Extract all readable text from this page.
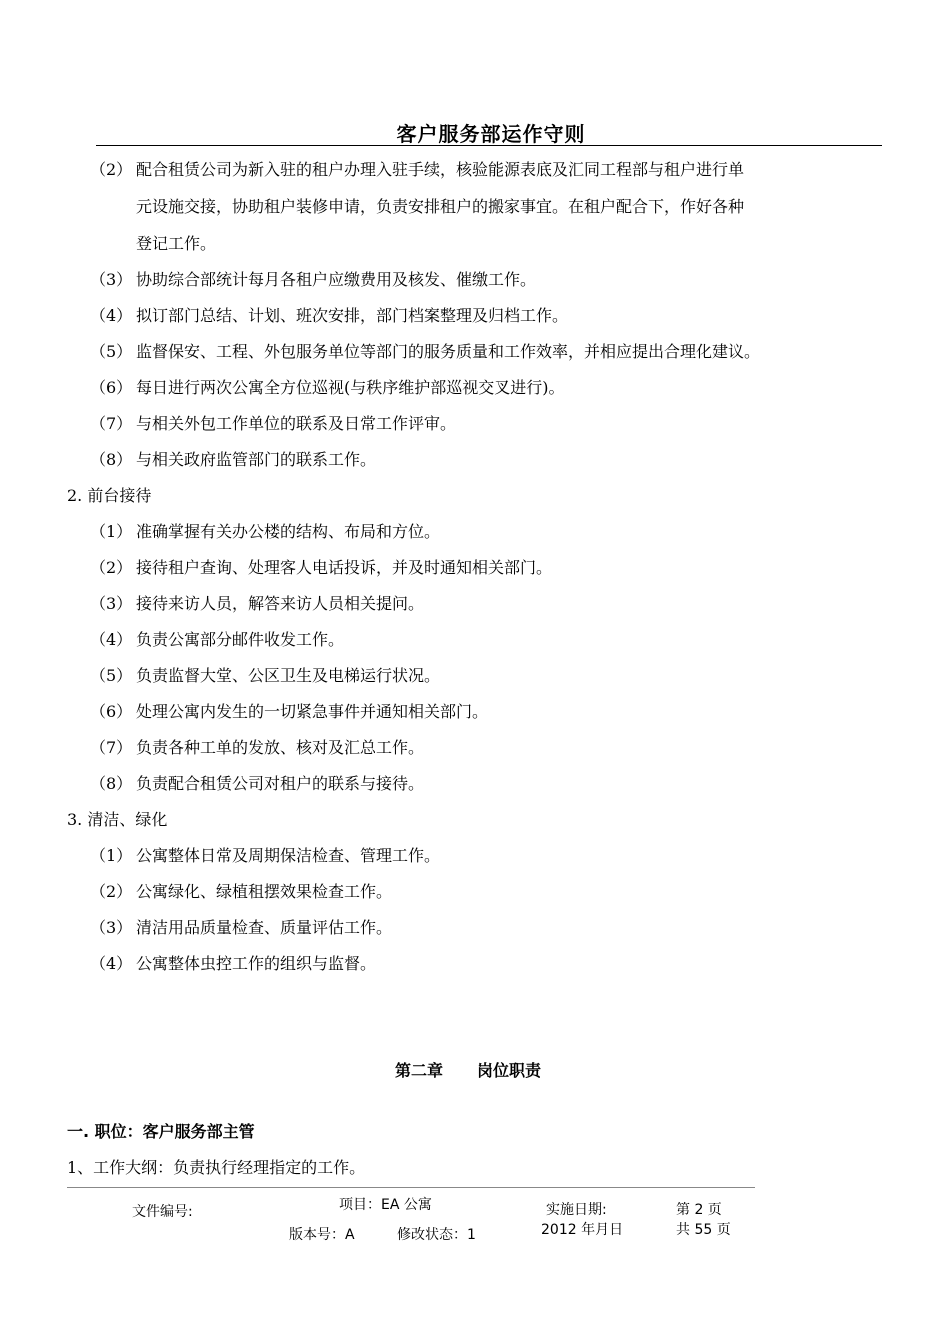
客户服务部运作守则
（2） 配合租赁公司为新入驻的租户办理入驻手续，核验能源表底及汇同工程部与租户进行单
元设施交接，协助租户装修申请，负责安排租户的搬家事宜。在租户配合下，作好各种
登记工作。
（3） 协助综合部统计每月各租户应缴费用及核发、催缴工作。
（4） 拟订部门总结、计划、班次安排，部门档案整理及归档工作。
（5） 监督保安、工程、外包服务单位等部门的服务质量和工作效率，并相应提出合理化建议。
（6） 每日进行两次公寓全方位巡视(与秩序维护部巡视交叉进行)。
（7） 与相关外包工作单位的联系及日常工作评审。
（8） 与相关政府监管部门的联系工作。
2. 前台接待
（1） 准确掌握有关办公楼的结构、布局和方位。
（2） 接待租户查询、处理客人电话投诉，并及时通知相关部门。
（3） 接待来访人员，解答来访人员相关提问。
（4） 负责公寓部分邮件收发工作。
（5） 负责监督大堂、公区卫生及电梯运行状况。
（6） 处理公寓内发生的一切紧急事件并通知相关部门。
（7） 负责各种工单的发放、核对及汇总工作。
（8） 负责配合租赁公司对租户的联系与接待。
3. 清洁、绿化
（1） 公寓整体日常及周期保洁检查、管理工作。
（2） 公寓绿化、绿植租摆效果检查工作。
（3） 清洁用品质量检查、质量评估工作。
（4） 公寓整体虫控工作的组织与监督。
第二章 岗位职责
一. 职位：客户服务部主管
1、工作大纲：负责执行经理指定的工作。
文件编号:	项目：EA 公寓
版本号：A	修改状态：1
实施日期:
2012 年月日
第 2 页
共 55 页
